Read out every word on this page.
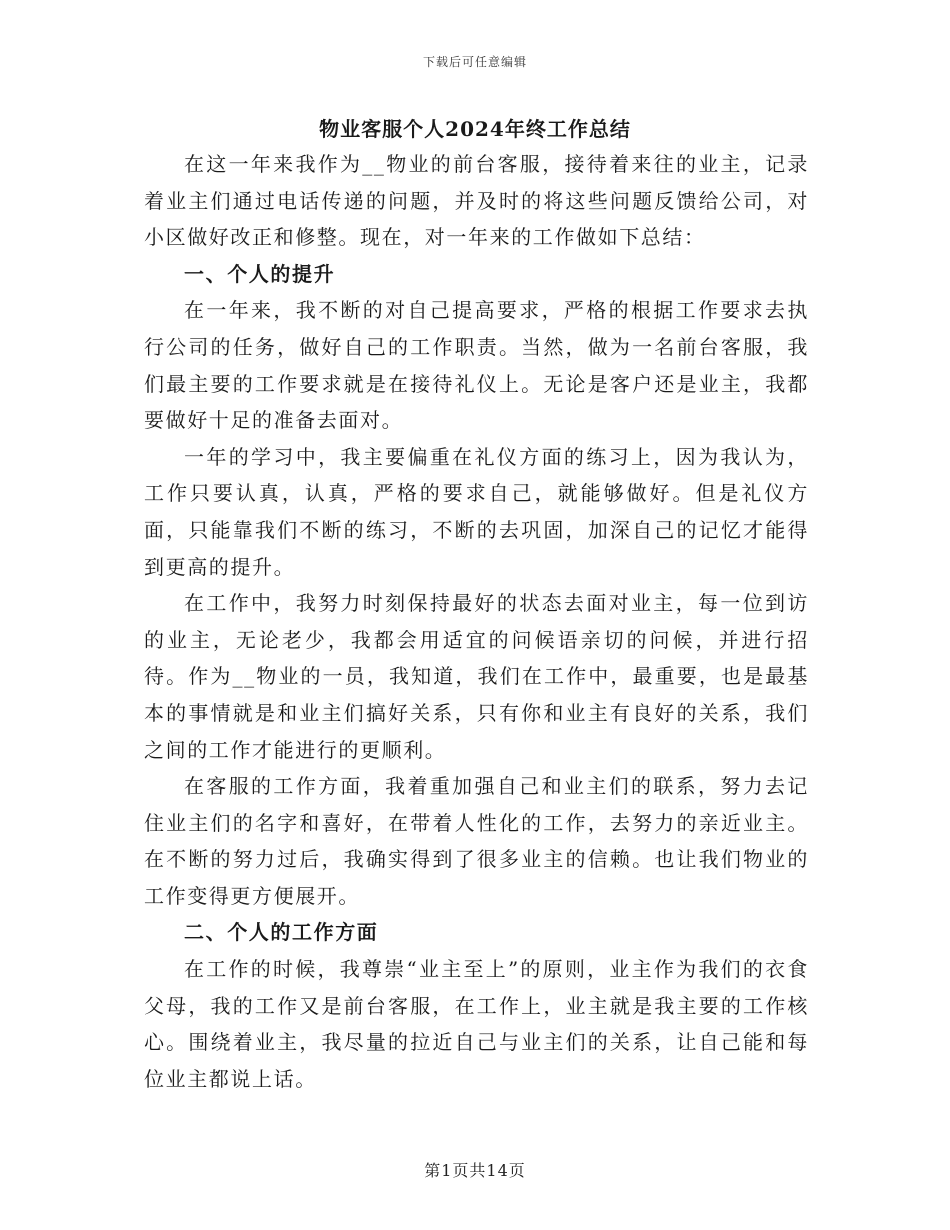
下载后可任意编辑
物业客服个人2024年终工作总结

在这一年来我作为__物业的前台客服，接待着来往的业主，记录着业主们通过电话传递的问题，并及时的将这些问题反馈给公司，对小区做好改正和修整。现在，对一年来的工作做如下总结：

一、个人的提升

在一年来，我不断的对自己提高要求，严格的根据工作要求去执行公司的任务，做好自己的工作职责。当然，做为一名前台客服，我们最主要的工作要求就是在接待礼仪上。无论是客户还是业主，我都要做好十足的准备去面对。

一年的学习中，我主要偏重在礼仪方面的练习上，因为我认为，工作只要认真，认真，严格的要求自己，就能够做好。但是礼仪方面，只能靠我们不断的练习，不断的去巩固，加深自己的记忆才能得到更高的提升。

在工作中，我努力时刻保持最好的状态去面对业主，每一位到访的业主，无论老少，我都会用适宜的问候语亲切的问候，并进行招待。作为__物业的一员，我知道，我们在工作中，最重要，也是最基本的事情就是和业主们搞好关系，只有你和业主有良好的关系，我们之间的工作才能进行的更顺利。

在客服的工作方面，我着重加强自己和业主们的联系，努力去记住业主们的名字和喜好，在带着人性化的工作，去努力的亲近业主。在不断的努力过后，我确实得到了很多业主的信赖。也让我们物业的工作变得更方便展开。

二、个人的工作方面

在工作的时候，我尊崇“业主至上”的原则，业主作为我们的衣食父母，我的工作又是前台客服，在工作上，业主就是我主要的工作核心。围绕着业主，我尽量的拉近自己与业主们的关系，让自己能和每位业主都说上话。

第1页共14页
